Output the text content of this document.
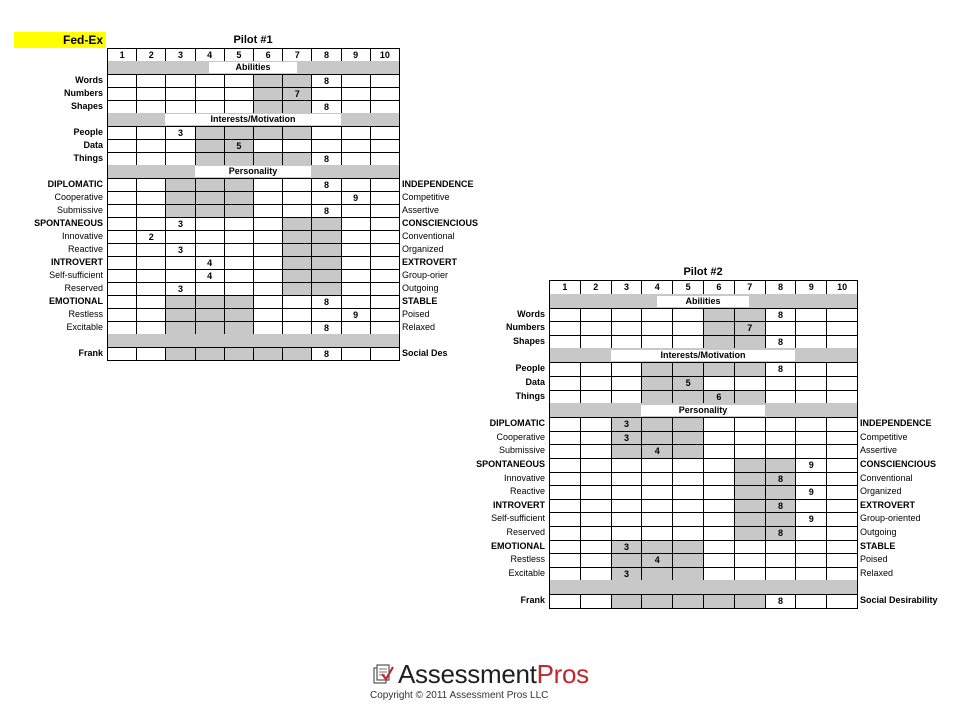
Fed-Ex	Pilot #1
1	2	3	4	5	6	7	8	9	10
Abilities
Words	8
Numbers	7
Shapes	8
Interests/Motivation
People	3
Data	5
Things	8
Personality
DIPLOMATIC	8	INDEPENDENCE
Cooperative	9	Competitive
Submissive	8	Assertive
SPONTANEOUS	3	CONSCIENCIOUS
Innovative	2	Conventional
Reactive	3	Organized
INTROVERT	4	EXTROVERT
Self-sufficient	4	Group-orier
Reserved	3	Outgoing
EMOTIONAL	8	STABLE
Restless	9	Poised
Excitable	8	Relaxed
Frank	8	Social Des
Pilot #2
1	2	3	4	5	6	7	8	9	10
Abilities
Words	8
Numbers	7
Shapes	8
Interests/Motivation
People	8
Data	5
Things	6
Personality
DIPLOMATIC	3	INDEPENDENCE
Cooperative	3	Competitive
Submissive	4	Assertive
SPONTANEOUS	9	CONSCIENCIOUS
Innovative	8	Conventional
Reactive	9	Organized
INTROVERT	8	EXTROVERT
Self-sufficient	9	Group-oriented
Reserved	8	Outgoing
EMOTIONAL	3	STABLE
Restless	4	Poised
Excitable	3	Relaxed
Frank	8	Social Desirability
AssessmentPros
Copyright © 2011 Assessment Pros LLC
